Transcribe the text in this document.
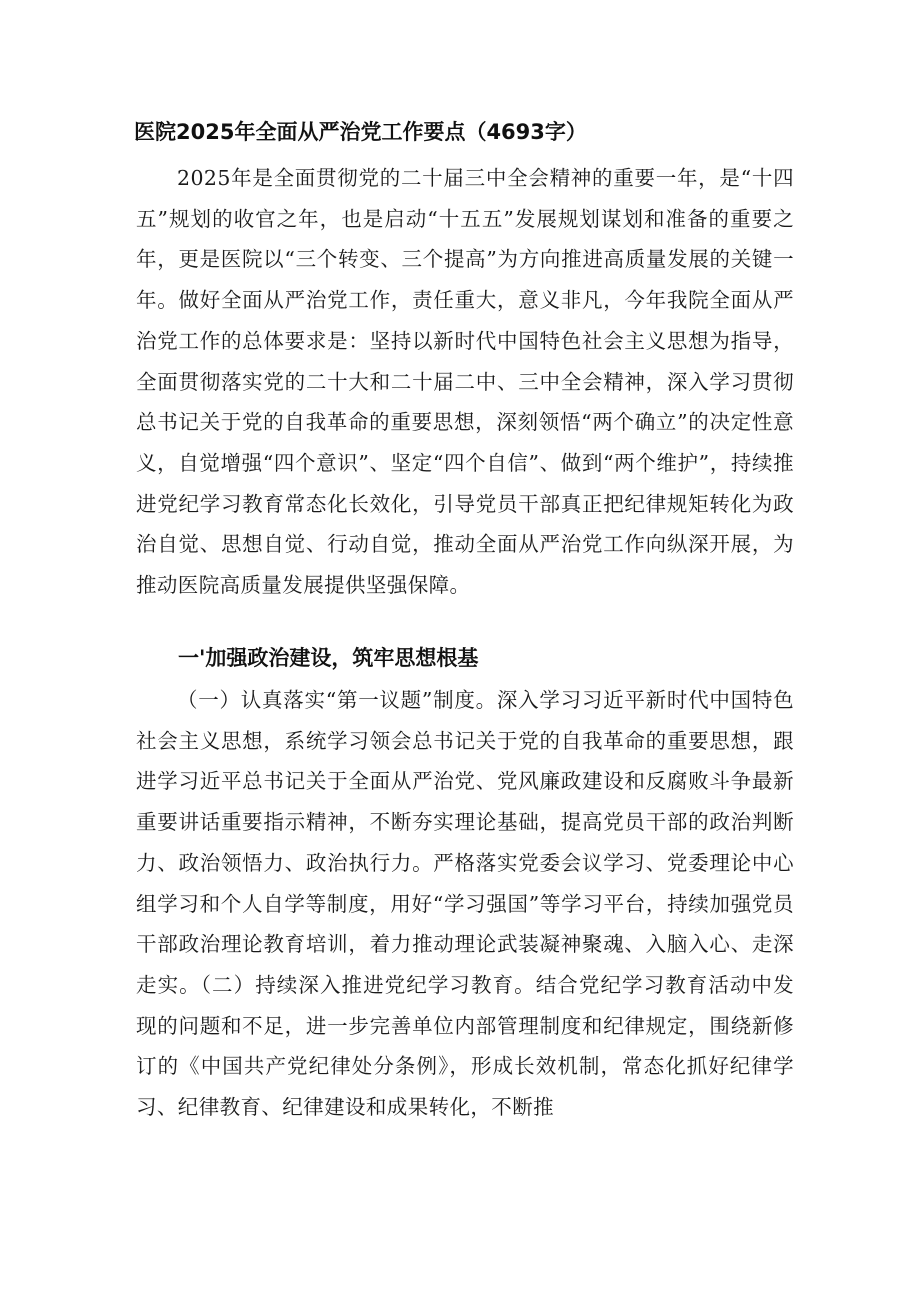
医院2025年全面从严治党工作要点（4693字）
2025年是全面贯彻党的二十届三中全会精神的重要一年，是“十四五”规划的收官之年，也是启动“十五五”发展规划谋划和准备的重要之年，更是医院以“三个转变、三个提高”为方向推进高质量发展的关键一年。做好全面从严治党工作，责任重大，意义非凡，今年我院全面从严治党工作的总体要求是：坚持以新时代中国特色社会主义思想为指导，全面贯彻落实党的二十大和二十届二中、三中全会精神，深入学习贯彻总书记关于党的自我革命的重要思想，深刻领悟“两个确立”的决定性意义，自觉增强“四个意识”、坚定“四个自信”、做到“两个维护”，持续推进党纪学习教育常态化长效化，引导党员干部真正把纪律规矩转化为政治自觉、思想自觉、行动自觉，推动全面从严治党工作向纵深开展，为推动医院高质量发展提供坚强保障。
一'加强政治建设，筑牢思想根基
（一）认真落实“第一议题”制度。深入学习习近平新时代中国特色社会主义思想，系统学习领会总书记关于党的自我革命的重要思想，跟进学习近平总书记关于全面从严治党、党风廉政建设和反腐败斗争最新重要讲话重要指示精神，不断夯实理论基础，提高党员干部的政治判断力、政治领悟力、政治执行力。严格落实党委会议学习、党委理论中心组学习和个人自学等制度，用好“学习强国”等学习平台，持续加强党员干部政治理论教育培训，着力推动理论武装凝神聚魂、入脑入心、走深走实。（二）持续深入推进党纪学习教育。结合党纪学习教育活动中发现的问题和不足，进一步完善单位内部管理制度和纪律规定，围绕新修订的《中国共产党纪律处分条例》，形成长效机制，常态化抓好纪律学习、纪律教育、纪律建设和成果转化，不断推
